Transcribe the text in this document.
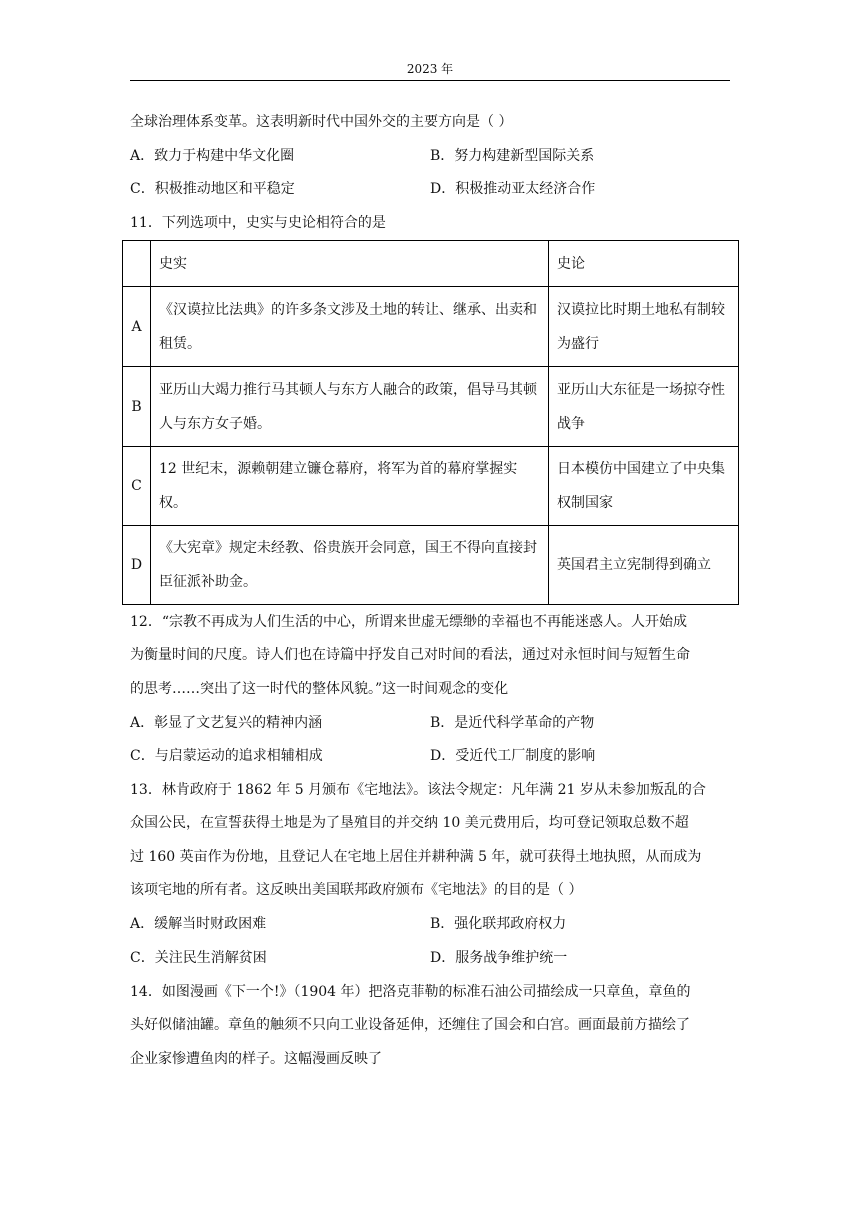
2023 年
全球治理体系变革。这表明新时代中国外交的主要方向是（ ）
A．致力于构建中华文化圈	B．努力构建新型国际关系
C．积极推动地区和平稳定	D．积极推动亚太经济合作
11．下列选项中，史实与史论相符合的是
	史实	史论
A	《汉谟拉比法典》的许多条文涉及土地的转让、继承、出卖和租赁。	汉谟拉比时期土地私有制较为盛行
B	亚历山大竭力推行马其顿人与东方人融合的政策，倡导马其顿人与东方女子婚。	亚历山大东征是一场掠夺性战争
C	12 世纪末，源赖朝建立镰仓幕府，将军为首的幕府掌握实权。	日本模仿中国建立了中央集权制国家
D	《大宪章》规定未经教、俗贵族开会同意，国王不得向直接封臣征派补助金。	英国君主立宪制得到确立
12．“宗教不再成为人们生活的中心，所谓来世虚无缥缈的幸福也不再能迷惑人。人开始成
为衡量时间的尺度。诗人们也在诗篇中抒发自己对时间的看法，通过对永恒时间与短暂生命
的思考……突出了这一时代的整体风貌。”这一时间观念的变化
A．彰显了文艺复兴的精神内涵	B．是近代科学革命的产物
C．与启蒙运动的追求相辅相成	D．受近代工厂制度的影响
13．林肯政府于 1862 年 5 月颁布《宅地法》。该法令规定：凡年满 21 岁从未参加叛乱的合
众国公民，在宣誓获得土地是为了垦殖目的并交纳 10 美元费用后，均可登记领取总数不超
过 160 英亩作为份地，且登记人在宅地上居住并耕种满 5 年，就可获得土地执照，从而成为
该项宅地的所有者。这反映出美国联邦政府颁布《宅地法》的目的是（ ）
A．缓解当时财政困难	B．强化联邦政府权力
C．关注民生消解贫困	D．服务战争维护统一
14．如图漫画《下一个!》（1904 年）把洛克菲勒的标准石油公司描绘成一只章鱼，章鱼的
头好似储油罐。章鱼的触须不只向工业设备延伸，还缠住了国会和白宫。画面最前方描绘了
企业家惨遭鱼肉的样子。这幅漫画反映了
